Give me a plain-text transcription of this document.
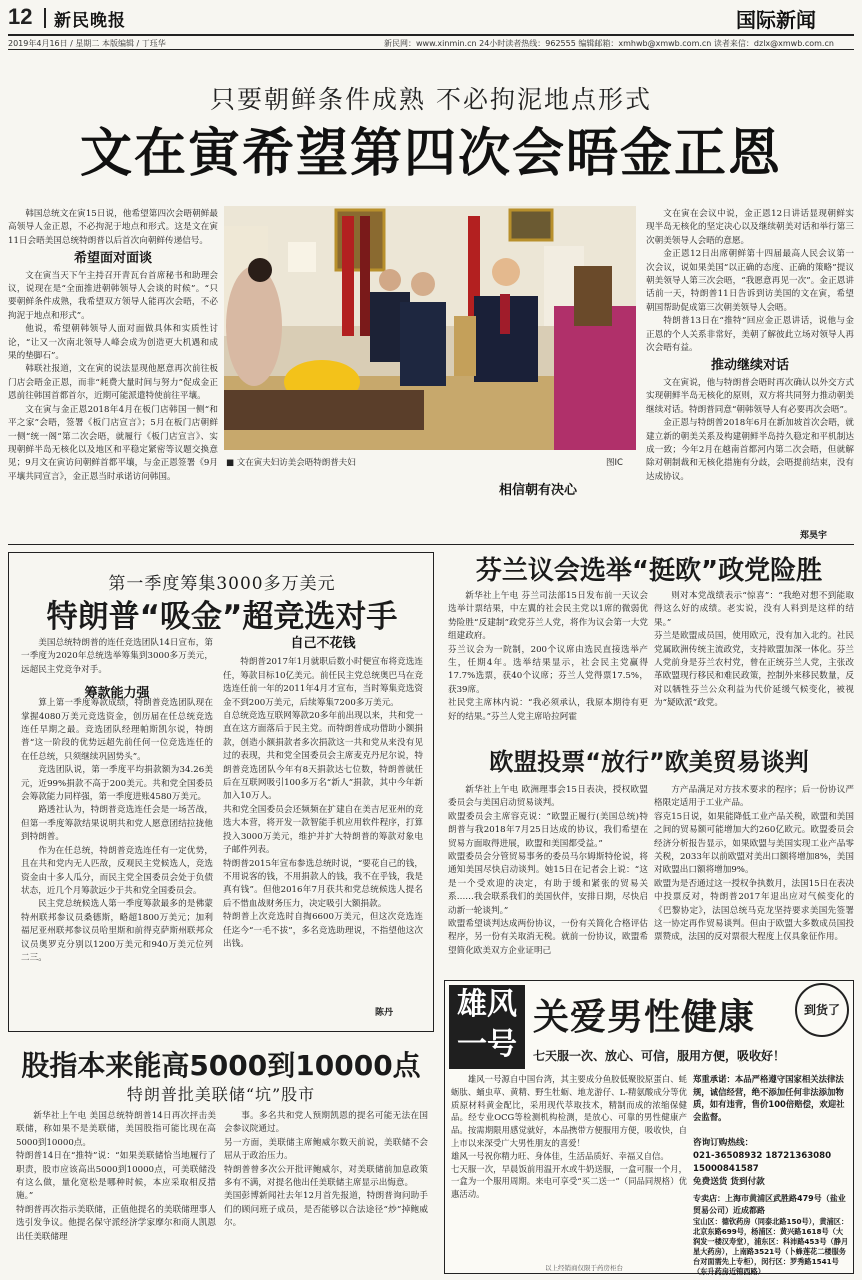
12 新民晚报	国际新闻
2019年4月16日 / 星期二 本版编辑 / 丁珏华	新民网：www.xinmin.cn 24小时读者热线：962555 编辑邮箱：xmhwb@xmwb.com.cn 读者来信：dzlx@xmwb.com.cn
只要朝鲜条件成熟 不必拘泥地点形式
文在寅希望第四次会晤金正恩

韩国总统文在寅15日说，他希望第四次会晤朝鲜最高领导人金正恩，不必拘泥于地点和形式。这是文在寅11日会晤美国总统特朗普以后首次向朝鲜传递信号。

希望面对面谈

文在寅当天下午主持召开青瓦台首席秘书和助理会议，说现在是“全面推进朝韩领导人会谈的时候”。“只要朝鲜条件成熟，我希望双方领导人能再次会晤，不必拘泥于地点和形式”。

他说，希望朝韩领导人面对面做具体和实质性讨论，“让又一次南北领导人峰会成为创造更大机遇和成果的垫脚石”。

韩联社报道，文在寅的说法显现他愿意再次前往板门店会晤金正恩，而非“耗费大量时间与努力”促成金正恩前往韩国首都首尔，近期可能派遣特使前往平壤。

文在寅与金正恩2018年4月在板门店韩国一侧“和平之家”会晤，签署《板门店宣言》；5月在板门店朝鲜一侧“统一阁”第二次会晤，就履行《板门店宣言》、实现朝鲜半岛无核化以及地区和平稳定紧密等议题交换意见；9月文在寅访问朝鲜首都平壤，与金正恩签署《9月平壤共同宣言》，金正恩当时承诺访问韩国。

■ 文在寅夫妇访美会晤特朗普夫妇	图IC
相信朝有决心

文在寅在会议中说，金正恩12日讲话显现朝鲜实现半岛无核化的坚定决心以及继续朝美对话和举行第三次朝美领导人会晤的意愿。

金正恩12日出席朝鲜第十四届最高人民会议第一次会议，说如果美国“以正确的态度、正确的策略”提议朝美领导人第三次会晤，“我愿意再见一次”。金正恩讲话前一天，特朗普11日告诉到访美国的文在寅，希望朝国帮助促成第三次朝美领导人会晤。

特朗普13日在“推特”回应金正恩讲话，说他与金正恩的个人关系非常好，美朝了解彼此立场对领导人再次会晤有益。

推动继续对话

文在寅说，他与特朗普会晤时再次确认以外交方式实现朝鲜半岛无核化的原则，双方将共同努力推动朝美继续对话。特朗普同意“朝韩领导人有必要再次会晤”。

金正恩与特朗普2018年6月在新加坡首次会晤，就建立新的朝美关系及构建朝鲜半岛持久稳定和平机制达成一致；今年2月在越南首都河内第二次会晤，但就解除对朝制裁和无核化措施有分歧，会晤提前结束，没有达成协议。

郑昊宇
第一季度筹集3000多万美元
特朗普“吸金”超竞选对手
筹款能力强

美国总统特朗普的连任竞选团队14日宣布，第一季度为2020年总统选举筹集到3000多万美元，远超民主党竞争对手。

算上第一季度筹款成绩，特朗普竞选团队现在掌握4080万美元竞选资金，创历届在任总统竞选连任早期之最。竞选团队经理帕斯凯尔说，特朗普“这一阶段的优势远超先前任何一位竞选连任的在任总统，只须继续巩固势头”。

竞选团队说，第一季度平均捐款额为34.26美元，近99%捐款不高于200美元。共和党全国委员会筹款能力同样强，第一季度进账4580万美元。

路透社认为，特朗普竞选连任会是一场苦战，但第一季度筹款结果说明共和党人愿意团结拉拢他到特朗普。

作为在任总统，特朗普竞选连任有一定优势，且在共和党内无人匹敌，反观民主党候选人，竞选资金由十多人瓜分，而民主党全国委员会处于负债状态，近几个月筹款远少于共和党全国委员会。

民主党总统候选人第一季度筹款最多的是佛蒙特州联邦参议员桑德斯，略超1800万美元；加利福尼亚州联邦参议员哈里斯和前得克萨斯州联邦众议员奥罗克分别以1200万美元和940万美元位列二三。

自己不花钱
特朗普2017年1月就职后数小时便宣布将竞选连任，筹款目标10亿美元。前任民主党总统奥巴马在竞选连任前一年的2011年4月才宣布，当时筹集竞选资金不到200万美元，后续筹集7200多万美元。
自总统竞选互联网筹款20多年前出现以来，共和党一直在这方面落后于民主党。而特朗普成功借助小额捐款，创造小额捐款者多次捐款这一共和党从来没有见过的表现，共和党全国委员会主席麦克丹尼尔说，特朗普竞选团队今年有8天捐款达七位数，特朗普就任后在互联网吸引100多万名“新人”捐款，其中今年新加入10万人。
共和党全国委员会还频频在扩建自在美吉尼亚州的竞选大本营，将开发一款智能手机应用软件程序，打算投入3000万美元，维护并扩大特朗普的筹款对象电子邮件列表。
特朗普2015年宣布参选总统时说，“要花自己的钱，不用说客的钱，不用捐款人的钱，我不在乎钱，我是真有钱”。但他2016年7月获共和党总统候选人提名后不惜血战财务压力，决定吸引大额捐款。
特朗普上次竞选时自掏6600万美元，但这次竞选连任迄今“一毛不拔”，多名竞选助理说，不指望他这次出钱。
陈丹
股指本来能高5000到10000点
特朗普批美联储“坑”股市
新华社上午电 美国总统特朗普14日再次抨击美联储，称如果不是美联储，美国股指可能比现在高5000到10000点。
特朗普14日在“推特”说：“如果美联储恰当地履行了职责，股市应该高出5000到10000点，可美联储没有这么做，量化宽松是哪种时候，本应采取相反措施。”
特朗普再次指示美联储，正值他提名的美联储理事人选引发争议。他提名保守派经济学家摩尔和商人凯恩出任美联储理
事。多名共和党人预期凯恩的提名可能无法在国会参议院通过。
另一方面，美联储主席鲍威尔数天前说，美联储不会屈从于政治压力。
特朗普曾多次公开批评鲍威尔，对美联储前加息政策多有不满，对提名他出任美联储主席显示出悔意。
美国彭博新闻社去年12月首先报道，特朗普询问助手们的顾问班子成员，是否能够以合法途径“炒”掉鲍威尔。
芬兰议会选举“挺欧”政党险胜
新华社上午电 芬兰司法部15日发布前一天议会选举计票结果，中左翼的社会民主党以1席的微弱优势险胜“反建制”政党芬兰人党，将作为议会第一大党组建政府。
芬兰议会为一院制，200个议席由选民直接选举产生，任期4年。选举结果显示，社会民主党赢得17.7%选票，获40个议席；芬兰人党得票17.5%，获39席。
社民党主席林内说：“我必须承认，我原本期待有更好的结果。”芬兰人党主席哈拉阿霍
则对本党战绩表示“惊喜”：“我绝对想不到能取得这么好的成绩。老实说，没有人料到是这样的结果。”
芬兰是欧盟成员国，使用欧元，没有加入北约。社民党属欧洲传统主流政党，支持欧盟加深一体化。芬兰人党前身是芬兰农村党，曾在正统芬兰人党，主张改革欧盟现行移民和难民政策，控制外来移民数量，反对以牺牲芬兰公众利益为代价延缓气候变化，被视为“疑欧派”政党。
欧盟投票“放行”欧美贸易谈判
新华社上午电 欧洲理事会15日表决，授权欧盟委员会与美国启动贸易谈判。
欧盟委员会主席容克说：“欧盟正履行(美国总统)特朗普与我2018年7月25日达成的协议，我们希望在贸易方面取得进展，欧盟和美国都受益。”
欧盟委员会分管贸易事务的委员马尔姆斯特伦说，将通知美国尽快启动谈判。她15日在记者会上说：“这是一个受欢迎的决定，有助于缓和紧张的贸易关系……我会联系我们的美国伙伴，安排日期，尽快启动新一轮谈判。”
欧盟希望谈判达成两份协议，一份有关简化合格评估程序，另一份有关取消无税。就前一份协议，欧盟希望简化欧美双方企业证明己
方产品满足对方技术要求的程序；后一份协议严格限定适用于工业产品。
容克15日说，如果能降低工业产品关税，欧盟和美国之间的贸易额可能增加大约260亿欧元。欧盟委员会经济分析报告显示，如果欧盟与美国实现工业产品零关税，2033年以前欧盟对美出口额将增加8%，美国对欧盟出口额将增加9%。
欧盟为是否通过这一授权争执数月，法国15日在表决中投票反对，特朗普2017年退出应对气候变化的《巴黎协定》，法国总统马克龙坚持要求美国先签署这一协定再作贸易谈判。但由于欧盟大多数成员国投票赞成，法国的反对票很大程度上仅具象征作用。
雄风
一号
关爱男性健康	到货了
七天服一次、放心、可信，服用方便，吸收好！
雄风一号源自中国台湾，其主要成分鱼胶低聚胶原蛋白、蚝蛎肽、蛹虫草、黄精、野生牡蛎、地龙游仔、L-精氨酸成分等优质原材料黄金配比，采用现代萃取技术，精制而成的浓缩保健品。经专业OCG等检测机构检测，是放心、可靠的男性健康产品。按需期限用感觉就好，本品携带方便服用方便，吸收快，自上市以来深受广大男性朋友的喜爱！
雄风一号祝你精力旺、身体佳，生活品质好、幸福又自信。
七天服一次，早晨饭前用温开水或牛奶送服，一盒可服一个月，一盒为一个服用周期。来电可享受“买二送一”（同品同规格）优惠活动。
郑重承诺：本品严格遵守国家相关法律法规，诚信经营，绝不添加任何非法添加物质，如有违背，售价100倍赔偿，欢迎社会监督。
咨询订购热线：
021-36508932 18721363080
15000841587
免费送货 货到付款
专卖店：上海市黄浦区武胜路479号（盐业贸易公司）近成都路
宝山区：德钦药房（同泰北路150号），黄浦区：北京东路699号，杨浦区：黄兴路1618号（大润发一楼汉寿堂），浦东区：科沛路453号（静月星大药房），上南路3521号（卜蜂莲花二楼服务台对面需先上专柜），闵行区：罗秀路1541号（东升药房近锦西路）
以上经销商仅限于药房柜台
